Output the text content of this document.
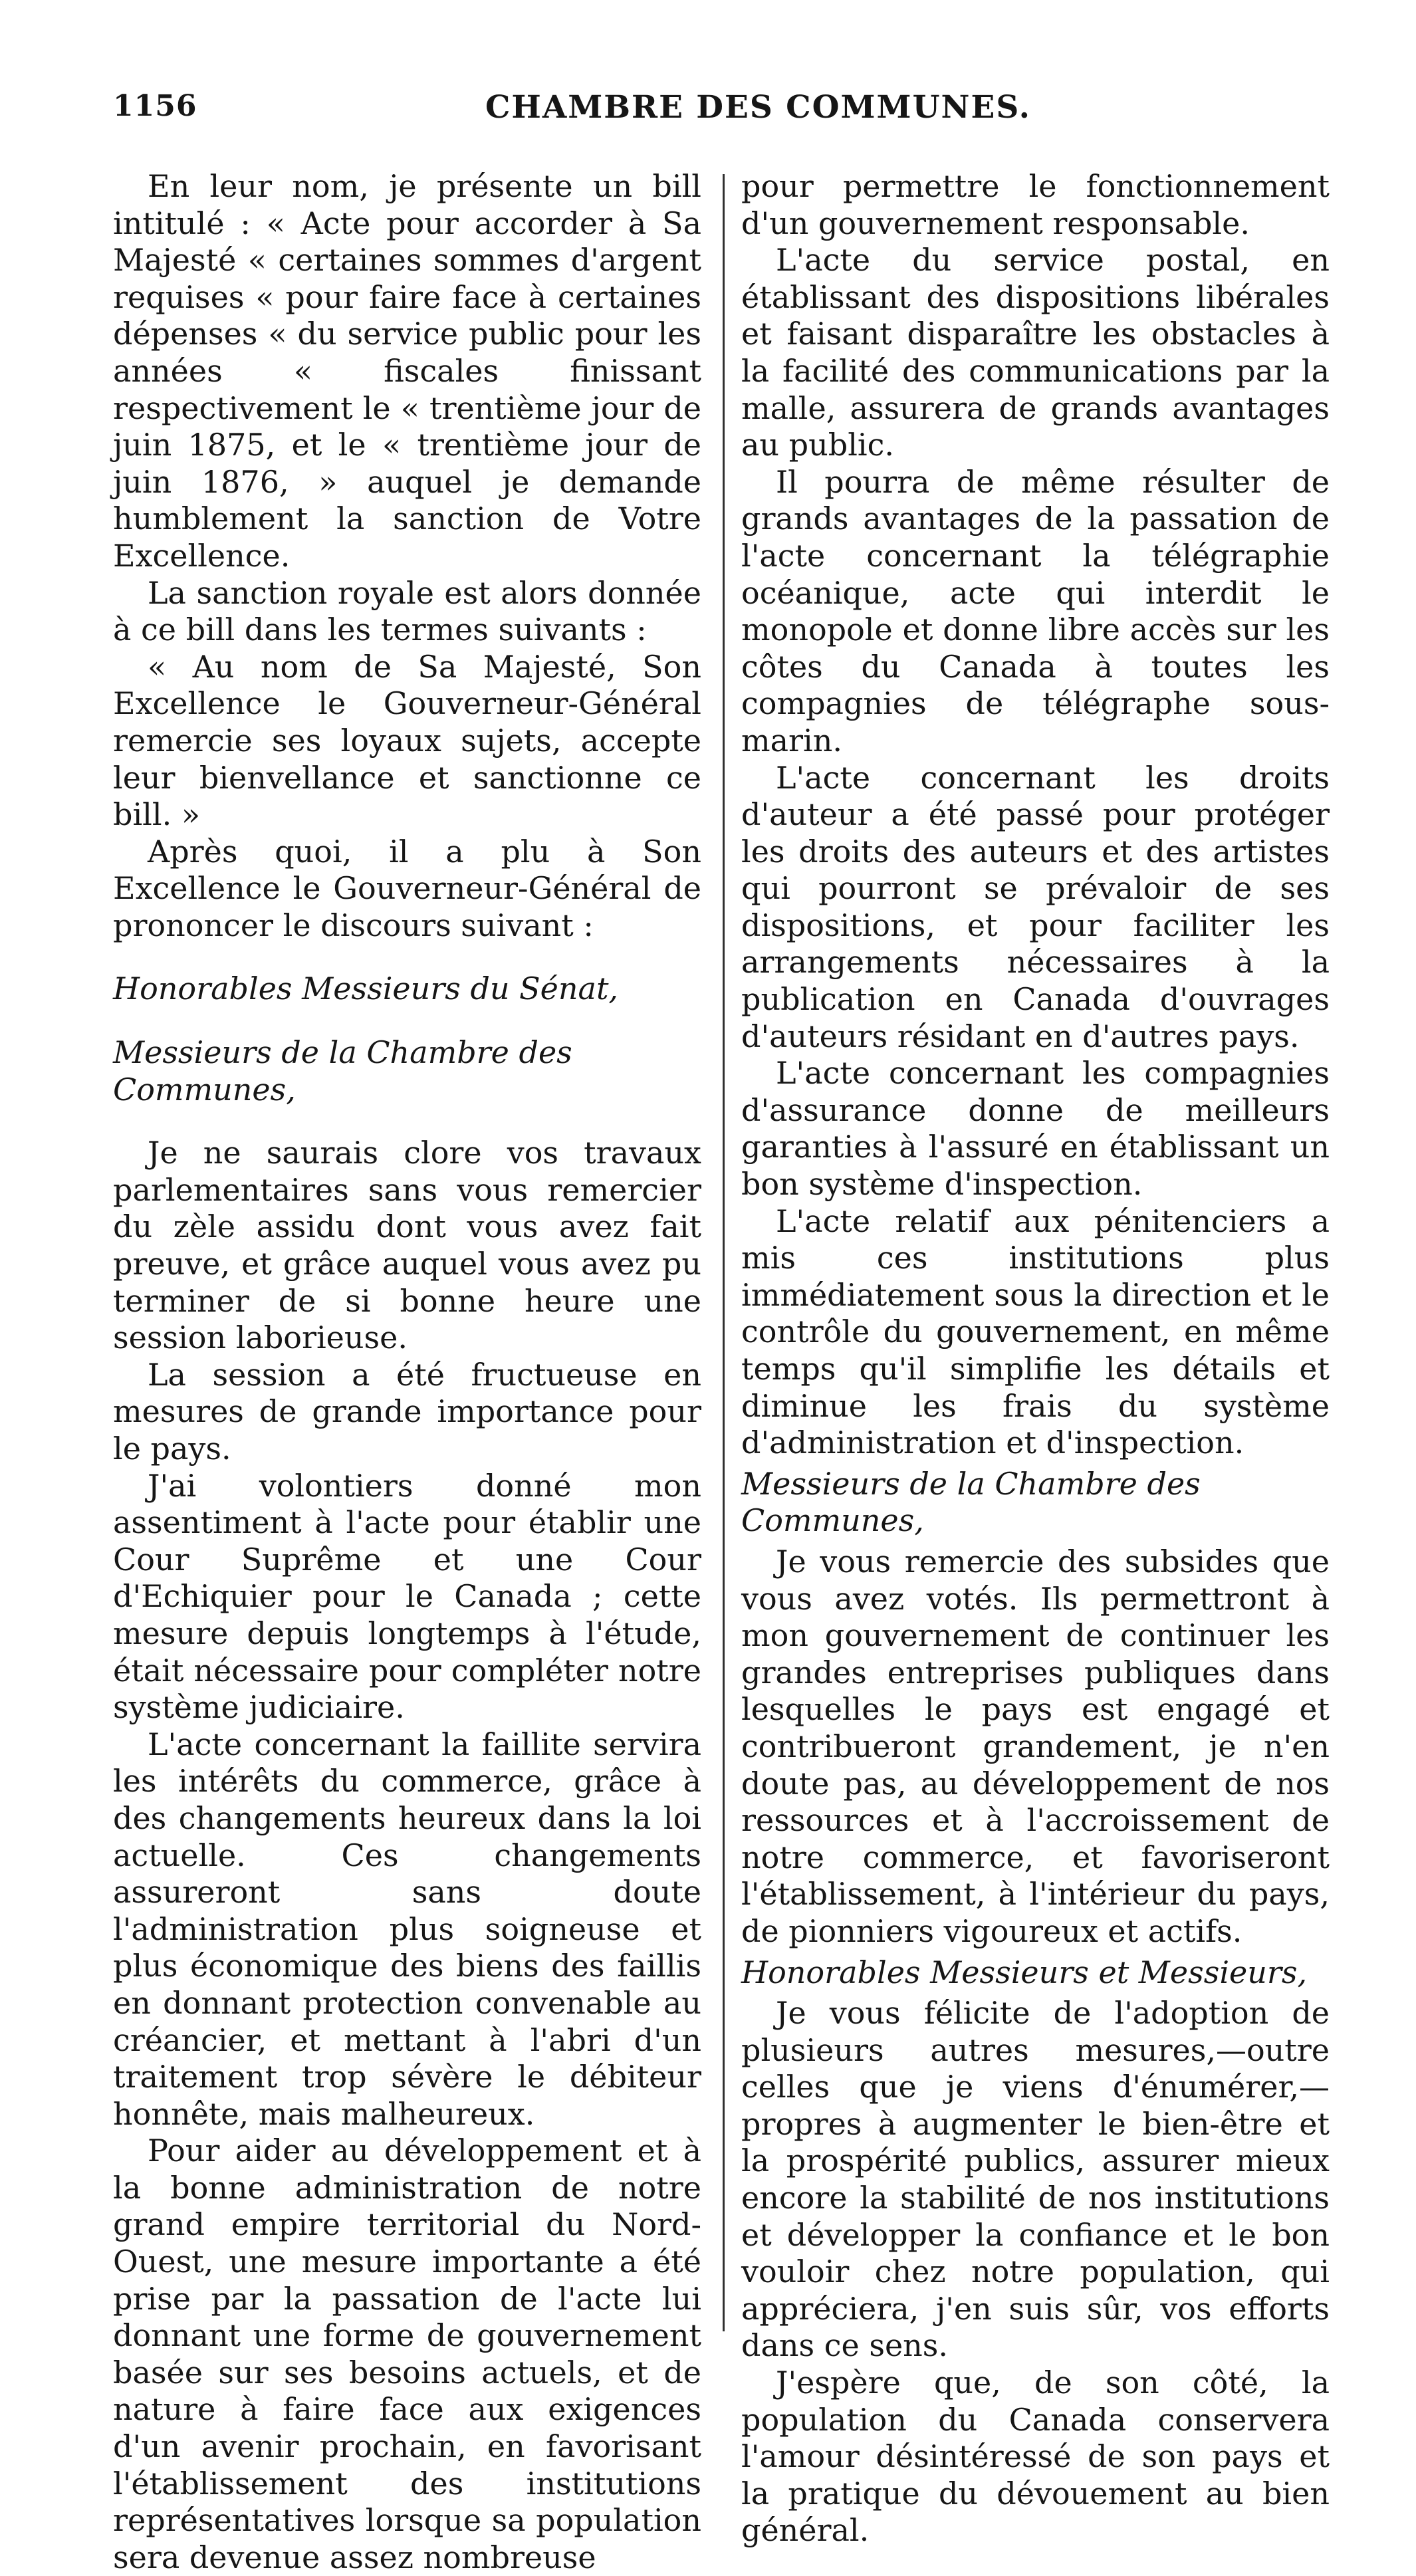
1156	CHAMBRE DES COMMUNES.

En leur nom, je présente un bill intitulé : « Acte pour accorder à Sa Majesté « certaines sommes d'argent requises « pour faire face à certaines dépenses « du service public pour les années « fiscales finissant respectivement le « trentième jour de juin 1875, et le « trentième jour de juin 1876, » auquel je demande humblement la sanction de Votre Excellence.

La sanction royale est alors donnée à ce bill dans les termes suivants :

« Au nom de Sa Majesté, Son Excellence le Gouverneur-Général remercie ses loyaux sujets, accepte leur bienvellance et sanctionne ce bill. »

Après quoi, il a plu à Son Excellence le Gouverneur-Général de prononcer le discours suivant :

Honorables Messieurs du Sénat,

Messieurs de la Chambre des Communes,

Je ne saurais clore vos travaux parlementaires sans vous remercier du zèle assidu dont vous avez fait preuve, et grâce auquel vous avez pu terminer de si bonne heure une session laborieuse.

La session a été fructueuse en mesures de grande importance pour le pays.

J'ai volontiers donné mon assentiment à l'acte pour établir une Cour Suprême et une Cour d'Echiquier pour le Canada ; cette mesure depuis longtemps à l'étude, était nécessaire pour compléter notre système judiciaire.

L'acte concernant la faillite servira les intérêts du commerce, grâce à des changements heureux dans la loi actuelle. Ces changements assureront sans doute l'administration plus soigneuse et plus économique des biens des faillis en donnant protection convenable au créancier, et mettant à l'abri d'un traitement trop sévère le débiteur honnête, mais malheureux.

Pour aider au développement et à la bonne administration de notre grand empire territorial du Nord-Ouest, une mesure importante a été prise par la passation de l'acte lui donnant une forme de gouvernement basée sur ses besoins actuels, et de nature à faire face aux exigences d'un avenir prochain, en favorisant l'établissement des institutions représentatives lorsque sa population sera devenue assez nombreuse

pour permettre le fonctionnement d'un gouvernement responsable.

L'acte du service postal, en établissant des dispositions libérales et faisant disparaître les obstacles à la facilité des communications par la malle, assurera de grands avantages au public.

Il pourra de même résulter de grands avantages de la passation de l'acte concernant la télégraphie océanique, acte qui interdit le monopole et donne libre accès sur les côtes du Canada à toutes les compagnies de télégraphe sous-marin.

L'acte concernant les droits d'auteur a été passé pour protéger les droits des auteurs et des artistes qui pourront se prévaloir de ses dispositions, et pour faciliter les arrangements nécessaires à la publication en Canada d'ouvrages d'auteurs résidant en d'autres pays.

L'acte concernant les compagnies d'assurance donne de meilleurs garanties à l'assuré en établissant un bon système d'inspection.

L'acte relatif aux pénitenciers a mis ces institutions plus immédiatement sous la direction et le contrôle du gouvernement, en même temps qu'il simplifie les détails et diminue les frais du système d'administration et d'inspection.

Messieurs de la Chambre des Communes,

Je vous remercie des subsides que vous avez votés. Ils permettront à mon gouvernement de continuer les grandes entreprises publiques dans lesquelles le pays est engagé et contribueront grandement, je n'en doute pas, au développement de nos ressources et à l'accroissement de notre commerce, et favoriseront l'établissement, à l'intérieur du pays, de pionniers vigoureux et actifs.

Honorables Messieurs et Messieurs,

Je vous félicite de l'adoption de plusieurs autres mesures,—outre celles que je viens d'énumérer,—propres à augmenter le bien-être et la prospérité publics, assurer mieux encore la stabilité de nos institutions et développer la confiance et le bon vouloir chez notre population, qui appréciera, j'en suis sûr, vos efforts dans ce sens.

J'espère que, de son côté, la population du Canada conservera l'amour désintéressé de son pays et la pratique du dévouement au bien général.
